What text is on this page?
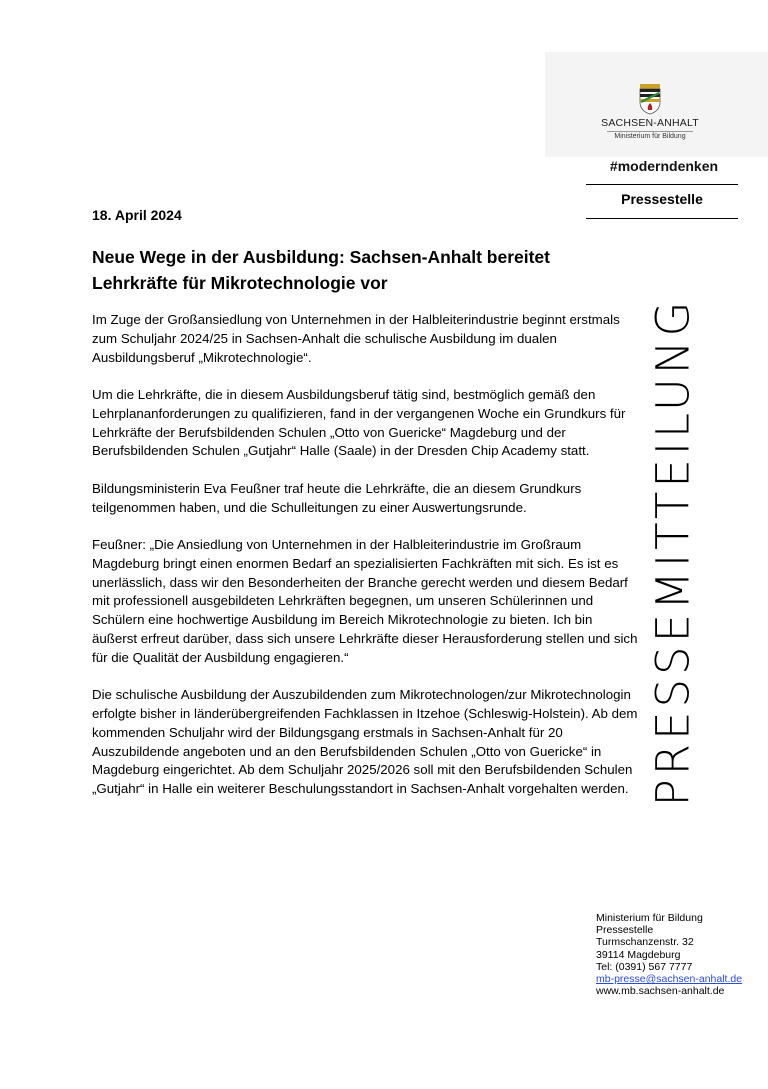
SACHSEN-ANHALT
Ministerium für Bildung
#moderndenken
Pressestelle
PRESSEMITTEILUNG
18. April 2024
Neue Wege in der Ausbildung: Sachsen-Anhalt bereitet
Lehrkräfte für Mikrotechnologie vor

Im Zuge der Großansiedlung von Unternehmen in der Halbleiterindustrie beginnt erstmals zum Schuljahr 2024/25 in Sachsen-Anhalt die schulische Ausbildung im dualen Ausbildungsberuf „Mikrotechnologie“.

Um die Lehrkräfte, die in diesem Ausbildungsberuf tätig sind, bestmöglich gemäß den Lehrplananforderungen zu qualifizieren, fand in der vergangenen Woche ein Grundkurs für Lehrkräfte der Berufsbildenden Schulen „Otto von Guericke“ Magdeburg und der Berufsbildenden Schulen „Gutjahr“ Halle (Saale) in der Dresden Chip Academy statt.

Bildungsministerin Eva Feußner traf heute die Lehrkräfte, die an diesem Grundkurs teilgenommen haben, und die Schulleitungen zu einer Auswertungsrunde.

Feußner: „Die Ansiedlung von Unternehmen in der Halbleiterindustrie im Großraum Magdeburg bringt einen enormen Bedarf an spezialisierten Fachkräften mit sich. Es ist es unerlässlich, dass wir den Besonderheiten der Branche gerecht werden und diesem Bedarf mit professionell ausgebildeten Lehrkräften begegnen, um unseren Schülerinnen und Schülern eine hochwertige Ausbildung im Bereich Mikrotechnologie zu bieten. Ich bin äußerst erfreut darüber, dass sich unsere Lehrkräfte dieser Herausforderung stellen und sich für die Qualität der Ausbildung engagieren.“

Die schulische Ausbildung der Auszubildenden zum Mikrotechnologen/zur Mikrotechnologin erfolgte bisher in länderübergreifenden Fachklassen in Itzehoe (Schleswig-Holstein). Ab dem kommenden Schuljahr wird der Bildungsgang erstmals in Sachsen-Anhalt für 20 Auszubildende angeboten und an den Berufsbildenden Schulen „Otto von Guericke“ in Magdeburg eingerichtet. Ab dem Schuljahr 2025/2026 soll mit den Berufsbildenden Schulen „Gutjahr“ in Halle ein weiterer Beschulungsstandort in Sachsen-Anhalt vorgehalten werden.

Ministerium für Bildung
Pressestelle
Turmschanzenstr. 32
39114 Magdeburg
Tel: (0391) 567 7777
mb-presse@sachsen-anhalt.de
www.mb.sachsen-anhalt.de
